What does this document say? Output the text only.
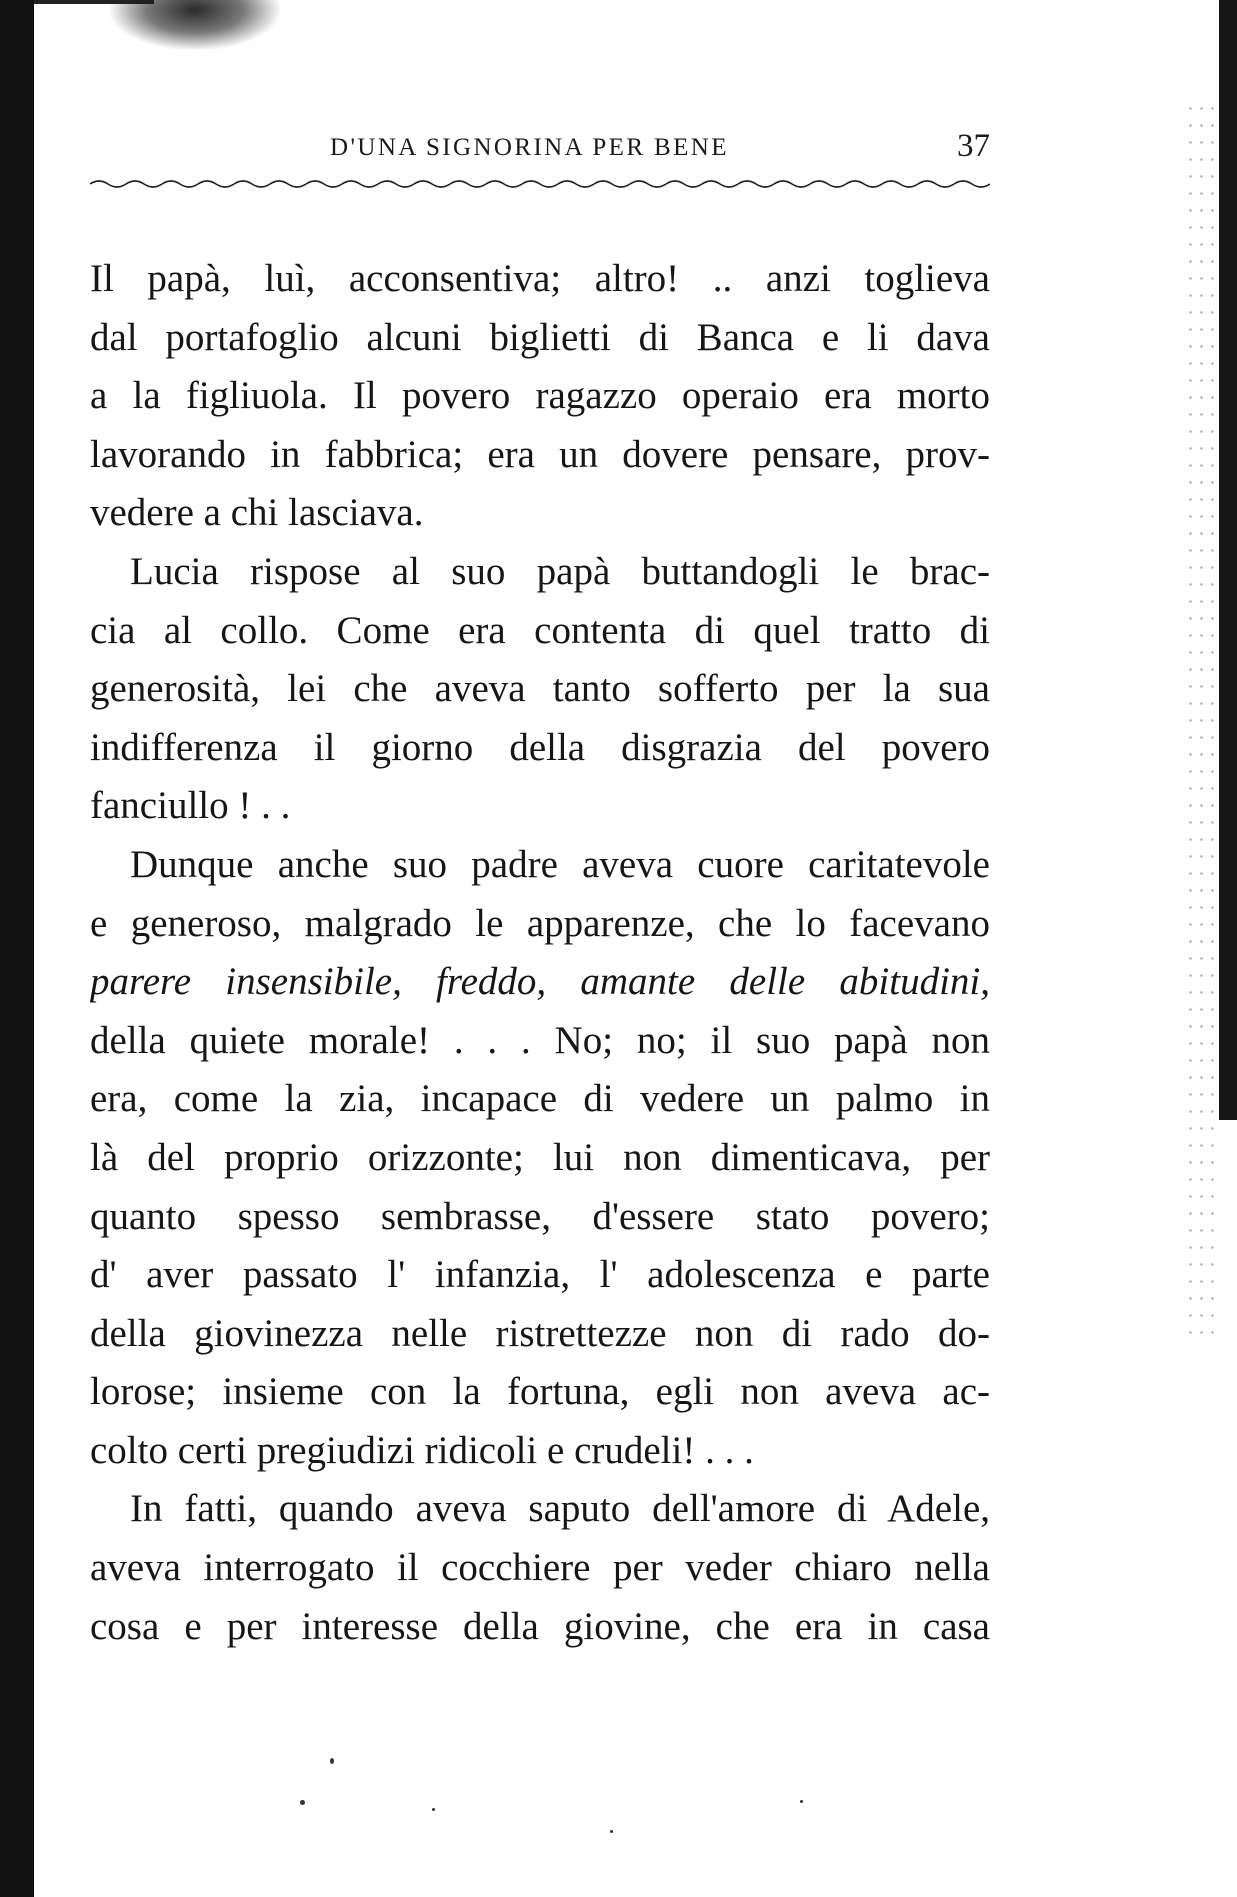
D'UNA SIGNORINA PER BENE	37
Il papà, luì, acconsentiva; altro! .. anzi toglieva
dal portafoglio alcuni biglietti di Banca e li dava
a la figliuola. Il povero ragazzo operaio era morto
lavorando in fabbrica; era un dovere pensare, prov-
vedere a chi lasciava.
Lucia rispose al suo papà buttandogli le brac-
cia al collo. Come era contenta di quel tratto di
generosità, lei che aveva tanto sofferto per la sua
indifferenza il giorno della disgrazia del povero
fanciullo ! . .
Dunque anche suo padre aveva cuore caritatevole
e generoso, malgrado le apparenze, che lo facevano
parere insensibile, freddo, amante delle abitudini,
della quiete morale! . . . No; no; il suo papà non
era, come la zia, incapace di vedere un palmo in
là del proprio orizzonte; lui non dimenticava, per
quanto spesso sembrasse, d'essere stato povero;
d' aver passato l' infanzia, l' adolescenza e parte
della giovinezza nelle ristrettezze non di rado do-
lorose; insieme con la fortuna, egli non aveva ac-
colto certi pregiudizi ridicoli e crudeli! . . .
In fatti, quando aveva saputo dell'amore di Adele,
aveva interrogato il cocchiere per veder chiaro nella
cosa e per interesse della giovine, che era in casa
